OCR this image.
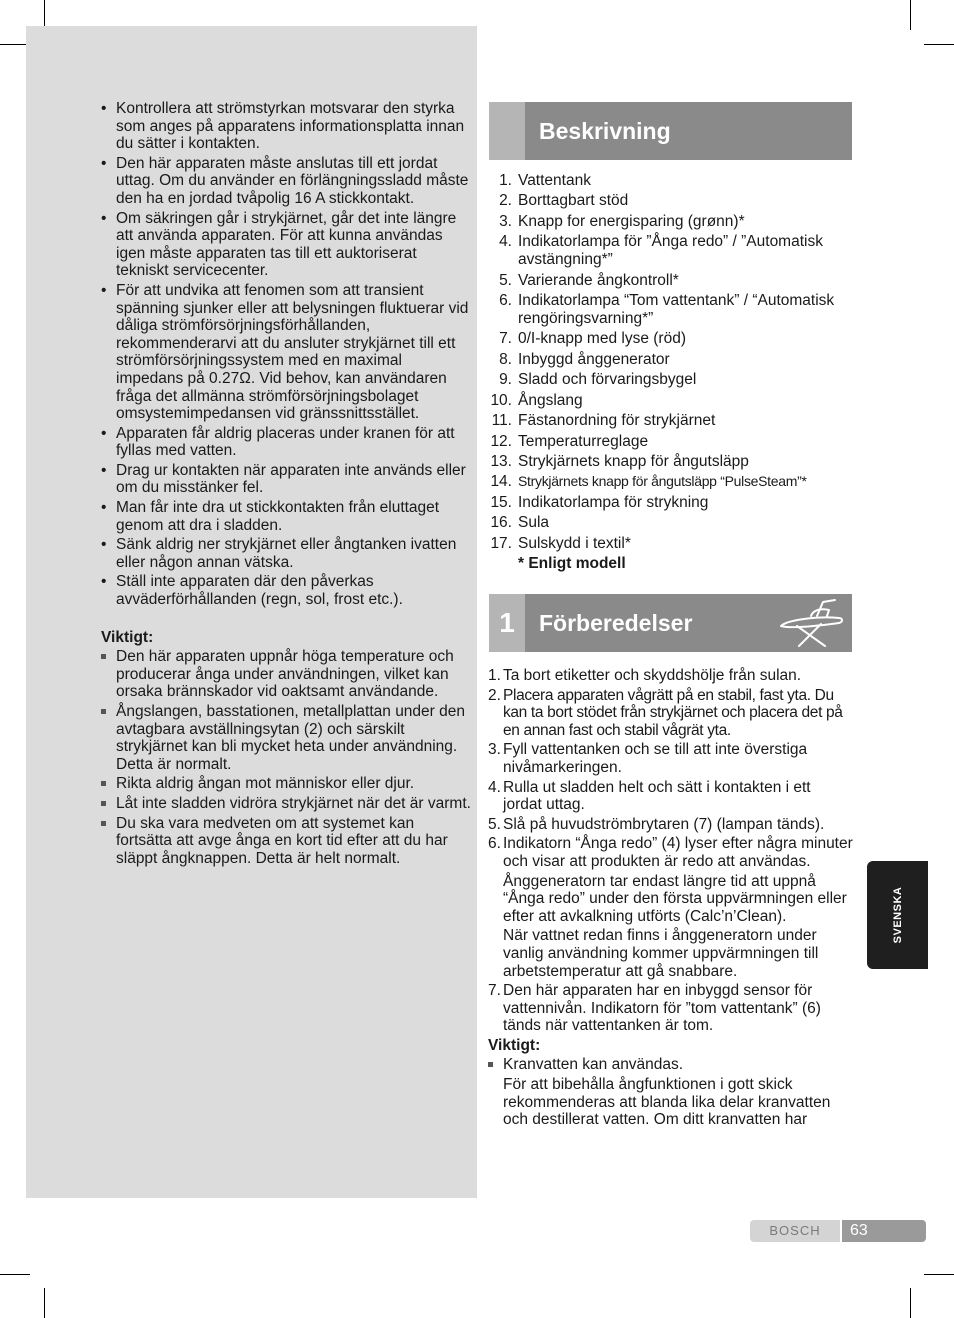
• Kontrollera att strömstyrkan motsvarar den styrka som anges på apparatens informationsplatta innan du sätter i kontakten.
• Den här apparaten måste anslutas till ett jordat uttag. Om du använder en förlängningssladd måste den ha en jordad tvåpolig 16 A stickkontakt.
• Om säkringen går i strykjärnet, går det inte längre att använda apparaten. För att kunna användas igen måste apparaten tas till ett auktoriserat tekniskt servicecenter.
• För att undvika att fenomen som att transient spänning sjunker eller att belysningen fluktuerar vid dåliga strömförsörjningsförhållanden, rekommenderarvi att du ansluter strykjärnet till ett strömförsörjningssystem med en maximal impedans på 0.27Ω. Vid behov, kan användaren fråga det allmänna strömförsörjningsbolaget omsystemimpedansen vid gränssnittsstället.
• Apparaten får aldrig placeras under kranen för att fyllas med vatten.
• Drag ur kontakten när apparaten inte används eller om du misstänker fel.
• Man får inte dra ut stickkontakten från eluttaget genom att dra i sladden.
• Sänk aldrig ner strykjärnet eller ångtanken ivatten eller någon annan vätska.
• Ställ inte apparaten där den påverkas avväderförhållanden (regn, sol, frost etc.).
Viktigt:
Den här apparaten uppnår höga temperature och producerar ånga under användningen, vilket kan orsaka brännskador vid oaktsamt användande.
Ångslangen, basstationen, metallplattan under den avtagbara avställningsytan (2) och särskilt strykjärnet kan bli mycket heta under användning. Detta är normalt.
Rikta aldrig ångan mot människor eller djur.
Låt inte sladden vidröra strykjärnet när det är varmt.
Du ska vara medveten om att systemet kan fortsätta att avge ånga en kort tid efter att du har släppt ångknappen. Detta är helt normalt.
Beskrivning
1. Vattentank
2. Borttagbart stöd
3. Knapp for energisparing (grønn)*
4. Indikatorlampa för ”Ånga redo” / ”Automatisk avstängning*”
5. Varierande ångkontroll*
6. Indikatorlampa “Tom vattentank” / “Automatisk rengöringsvarning*”
7. 0/I-knapp med lyse (röd)
8. Inbyggd ånggenerator
9. Sladd och förvaringsbygel
10. Ångslang
11. Fästanordning för strykjärnet
12. Temperaturreglage
13. Strykjärnets knapp för ångutsläpp
14. Strykjärnets knapp för ångutsläpp “PulseSteam”*
15. Indikatorlampa för strykning
16. Sula
17. Sulskydd i textil*
* Enligt modell
1	Förberedelser
1. Ta bort etiketter och skyddshölje från sulan.

2. Placera apparaten vågrätt på en stabil, fast yta. Du kan ta bort stödet från strykjärnet och placera det på en annan fast och stabil vågrät yta.

3. Fyll vattentanken och se till att inte överstiga nivåmarkeringen.

4. Rulla ut sladden helt och sätt i kontakten i ett jordat uttag.

5. Slå på huvudströmbrytaren (7) (lampan tänds).

6. Indikatorn “Ånga redo” (4) lyser efter några minuter och visar att produkten är redo att användas.

Ånggeneratorn tar endast längre tid att uppnå “Ånga redo” under den första uppvärmningen eller efter att avkalkning utförts (Calc’n’Clean).

När vattnet redan finns i ånggeneratorn under vanlig användning kommer uppvärmningen till arbetstemperatur att gå snabbare.

7. Den här apparaten har en inbyggd sensor för vattennivån. Indikatorn för ”tom vattentank” (6) tänds när vattentanken är tom.

Viktigt:

Kranvatten kan användas.

För att bibehålla ångfunktionen i gott skick rekommenderas att blanda lika delar kranvatten och destillerat vatten. Om ditt kranvatten har

SVENSKA
BOSCH	63
